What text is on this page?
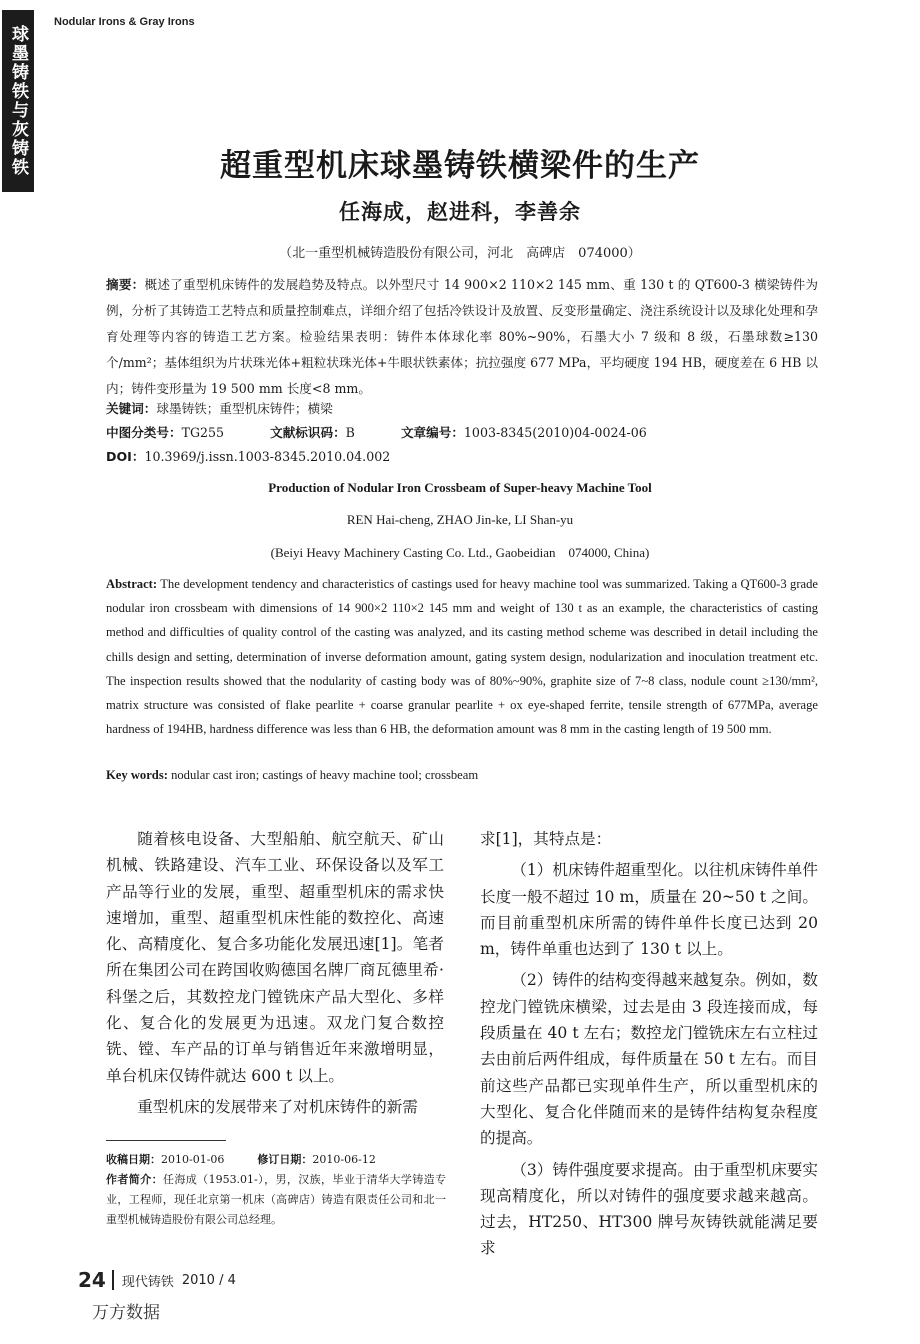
球墨铸铁与灰铸铁
Nodular Irons & Gray Irons
超重型机床球墨铸铁横梁件的生产
任海成，赵进科，李善余
（北一重型机械铸造股份有限公司，河北　高碑店　074000）
摘要：概述了重型机床铸件的发展趋势及特点。以外型尺寸 14 900×2 110×2 145 mm、重 130 t 的 QT600-3 横梁铸件为例，分析了其铸造工艺特点和质量控制难点，详细介绍了包括冷铁设计及放置、反变形量确定、浇注系统设计以及球化处理和孕育处理等内容的铸造工艺方案。检验结果表明：铸件本体球化率 80%~90%，石墨大小 7 级和 8 级，石墨球数≥130 个/mm²；基体组织为片状珠光体+粗粒状珠光体+牛眼状铁素体；抗拉强度 677 MPa，平均硬度 194 HB，硬度差在 6 HB 以内；铸件变形量为 19 500 mm 长度<8 mm。
关键词：球墨铸铁；重型机床铸件；横梁
中图分类号：TG255	文献标识码：B	文章编号：1003-8345(2010)04-0024-06
DOI：10.3969/j.issn.1003-8345.2010.04.002
Production of Nodular Iron Crossbeam of Super-heavy Machine Tool
REN Hai-cheng, ZHAO Jin-ke, LI Shan-yu
(Beiyi Heavy Machinery Casting Co. Ltd., Gaobeidian　074000, China)
Abstract: The development tendency and characteristics of castings used for heavy machine tool was summarized. Taking a QT600-3 grade nodular iron crossbeam with dimensions of 14 900×2 110×2 145 mm and weight of 130 t as an example, the characteristics of casting method and difficulties of quality control of the casting was analyzed, and its casting method scheme was described in detail including the chills design and setting, determination of inverse deformation amount, gating system design, nodularization and inoculation treatment etc. The inspection results showed that the nodularity of casting body was of 80%~90%, graphite size of 7~8 class, nodule count ≥130/mm², matrix structure was consisted of flake pearlite + coarse granular pearlite + ox eye-shaped ferrite, tensile strength of 677MPa, average hardness of 194HB, hardness difference was less than 6 HB, the deformation amount was 8 mm in the casting length of 19 500 mm.
Key words: nodular cast iron; castings of heavy machine tool; crossbeam

随着核电设备、大型船舶、航空航天、矿山机械、铁路建设、汽车工业、环保设备以及军工产品等行业的发展，重型、超重型机床的需求快速增加，重型、超重型机床性能的数控化、高速化、高精度化、复合多功能化发展迅速[1]。笔者所在集团公司在跨国收购德国名牌厂商瓦德里希·科堡之后，其数控龙门镗铣床产品大型化、多样化、复合化的发展更为迅速。双龙门复合数控铣、镗、车产品的订单与销售近年来激增明显，单台机床仅铸件就达 600 t 以上。

重型机床的发展带来了对机床铸件的新需

求[1]，其特点是：

（1）机床铸件超重型化。以往机床铸件单件长度一般不超过 10 m，质量在 20~50 t 之间。而目前重型机床所需的铸件单件长度已达到 20 m，铸件单重也达到了 130 t 以上。

（2）铸件的结构变得越来越复杂。例如，数控龙门镗铣床横梁，过去是由 3 段连接而成，每段质量在 40 t 左右；数控龙门镗铣床左右立柱过去由前后两件组成，每件质量在 50 t 左右。而目前这些产品都已实现单件生产，所以重型机床的大型化、复合化伴随而来的是铸件结构复杂程度的提高。

（3）铸件强度要求提高。由于重型机床要实现高精度化，所以对铸件的强度要求越来越高。过去，HT250、HT300 牌号灰铸铁就能满足要求

收稿日期：2010-01-06	修订日期：2010-06-12
作者简介：任海成（1953.01-），男，汉族，毕业于清华大学铸造专业，工程师，现任北京第一机床（高碑店）铸造有限责任公司和北一重型机械铸造股份有限公司总经理。
24 现代铸铁 2010 / 4
万方数据
